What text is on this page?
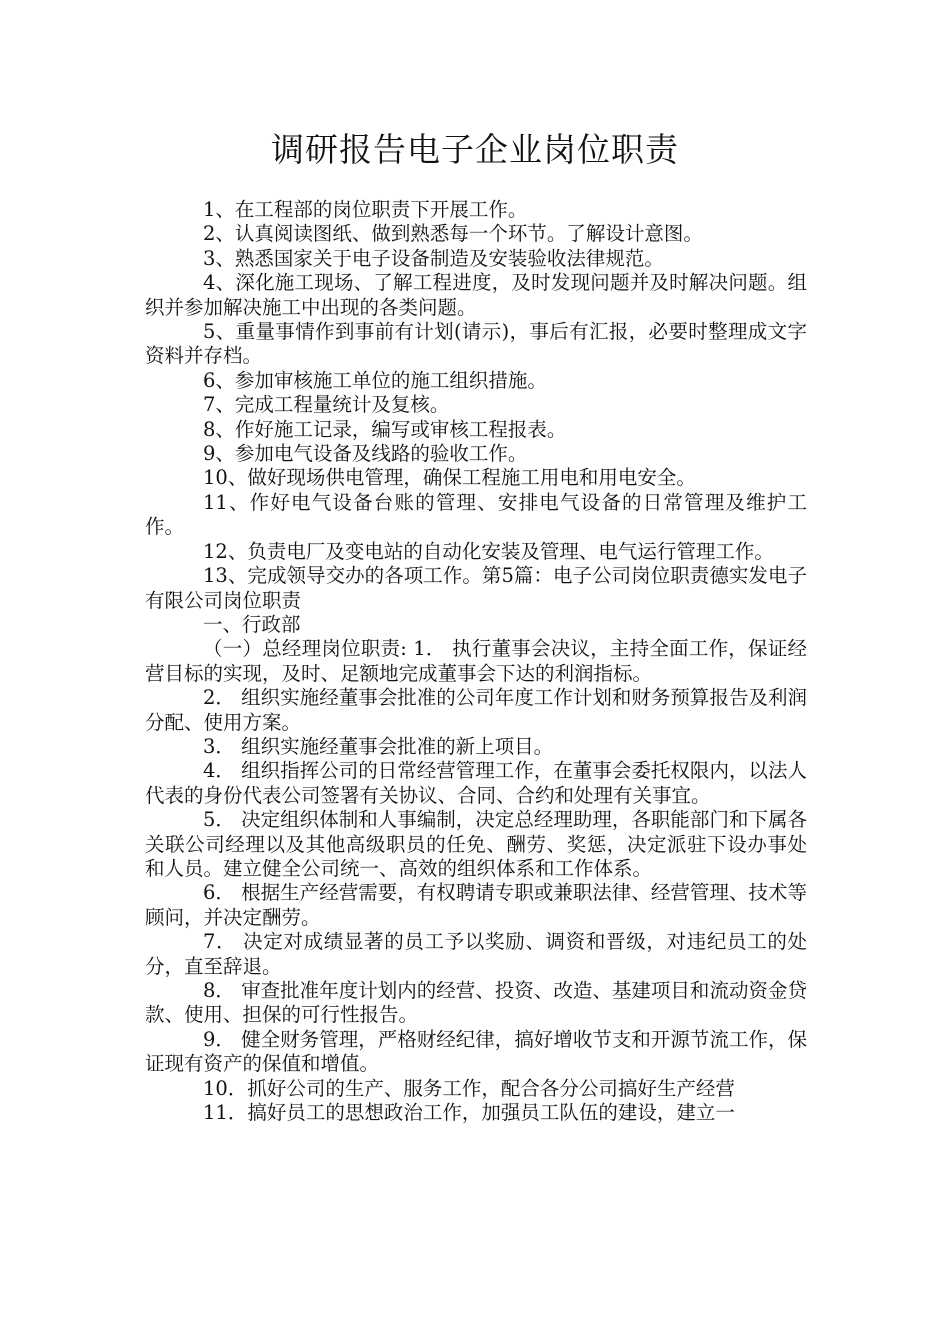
调研报告电子企业岗位职责

1、在工程部的岗位职责下开展工作。

2、认真阅读图纸、做到熟悉每一个环节。了解设计意图。

3、熟悉国家关于电子设备制造及安装验收法律规范。

4、深化施工现场、了解工程进度，及时发现问题并及时解决问题。组织并参加解决施工中出现的各类问题。

5、重量事情作到事前有计划(请示)，事后有汇报，必要时整理成文字资料并存档。

6、参加审核施工单位的施工组织措施。

7、完成工程量统计及复核。

8、作好施工记录，编写或审核工程报表。

9、参加电气设备及线路的验收工作。

10、做好现场供电管理，确保工程施工用电和用电安全。

11、作好电气设备台账的管理、安排电气设备的日常管理及维护工作。

12、负责电厂及变电站的自动化安装及管理、电气运行管理工作。

13、完成领导交办的各项工作。第5篇：电子公司岗位职责德实发电子有限公司岗位职责

一、行政部

（一）总经理岗位职责: 1． 执行董事会决议，主持全面工作，保证经营目标的实现，及时、足额地完成董事会下达的利润指标。

2． 组织实施经董事会批准的公司年度工作计划和财务预算报告及利润分配、使用方案。

3． 组织实施经董事会批准的新上项目。

4． 组织指挥公司的日常经营管理工作，在董事会委托权限内，以法人代表的身份代表公司签署有关协议、合同、合约和处理有关事宜。

5． 决定组织体制和人事编制，决定总经理助理，各职能部门和下属各关联公司经理以及其他高级职员的任免、酬劳、奖惩，决定派驻下设办事处和人员。建立健全公司统一、高效的组织体系和工作体系。

6． 根据生产经营需要，有权聘请专职或兼职法律、经营管理、技术等顾问，并决定酬劳。

7． 决定对成绩显著的员工予以奖励、调资和晋级，对违纪员工的处分，直至辞退。

8． 审查批准年度计划内的经营、投资、改造、基建项目和流动资金贷款、使用、担保的可行性报告。

9． 健全财务管理，严格财经纪律，搞好增收节支和开源节流工作，保证现有资产的保值和增值。

10．抓好公司的生产、服务工作，配合各分公司搞好生产经营

11．搞好员工的思想政治工作，加强员工队伍的建设，建立一
